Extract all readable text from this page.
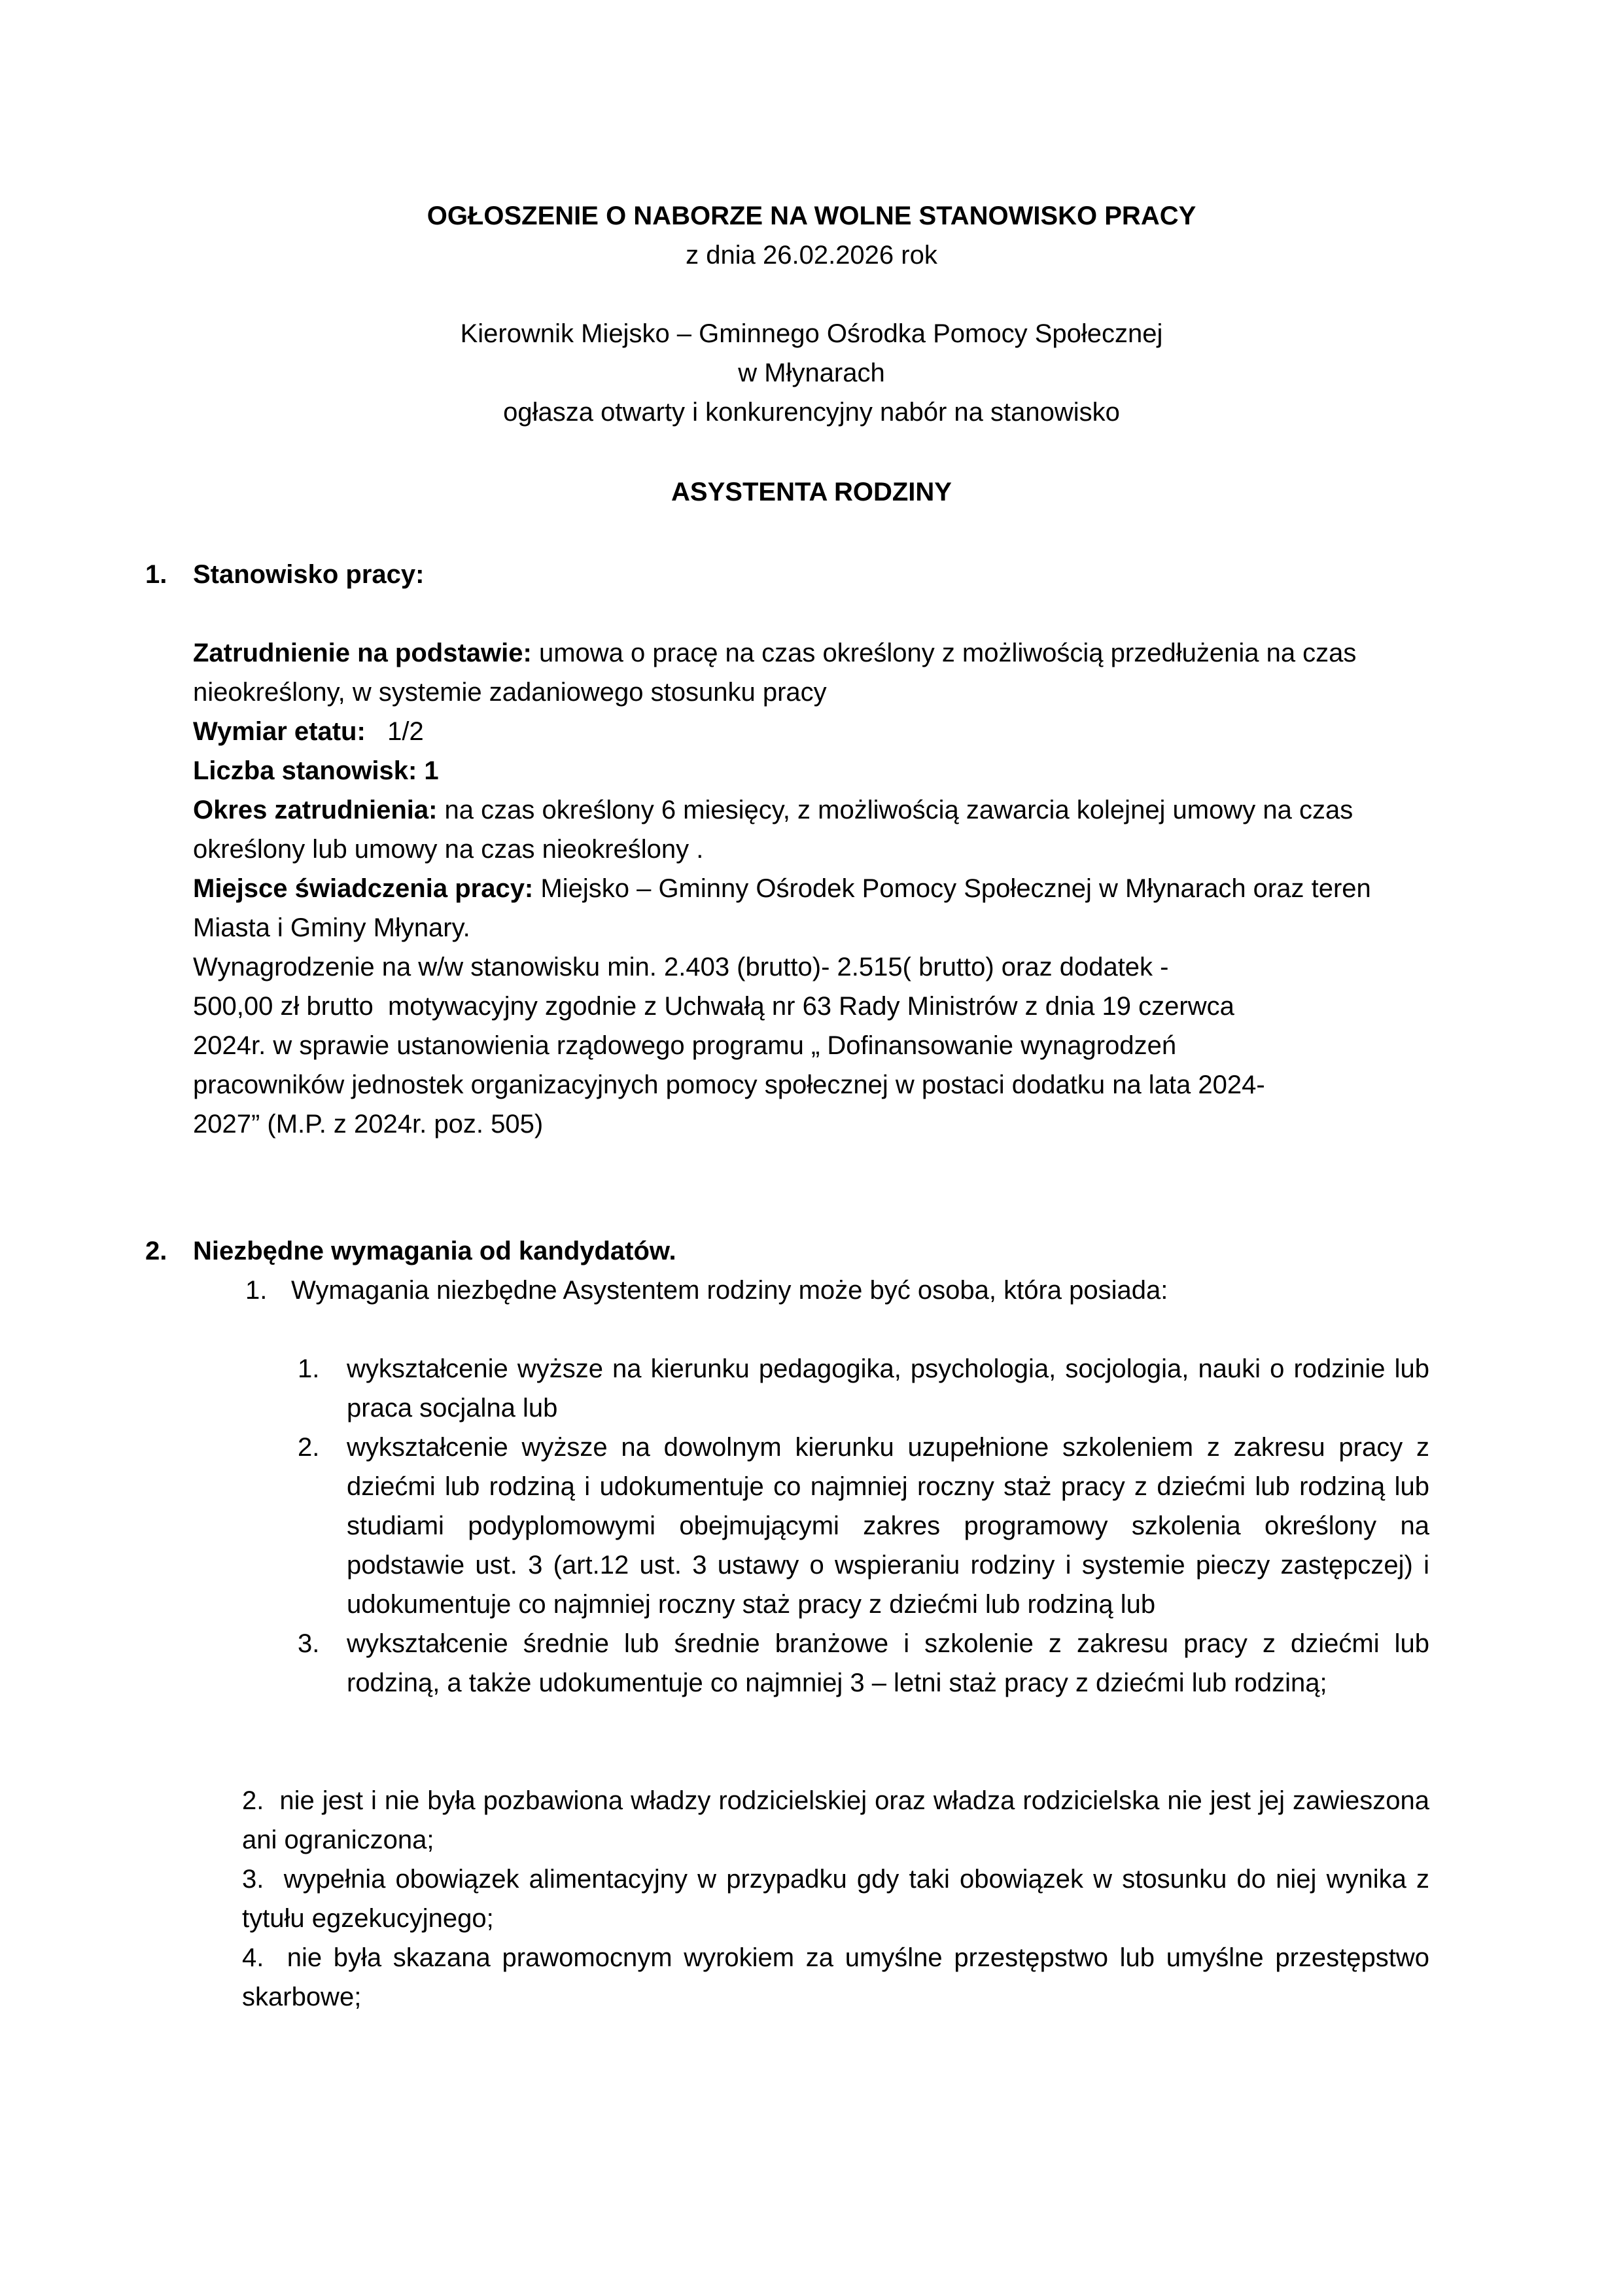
OGŁOSZENIE O NABORZE NA WOLNE STANOWISKO PRACY
z dnia 26.02.2026 rok
Kierownik Miejsko – Gminnego Ośrodka Pomocy Społecznej
w Młynarach
ogłasza otwarty i konkurencyjny nabór na stanowisko
ASYSTENTA RODZINY
1. Stanowisko pracy:

Zatrudnienie na podstawie: umowa o pracę na czas określony z możliwością przedłużenia na czas nieokreślony, w systemie zadaniowego stosunku pracy

Wymiar etatu:   1/2

Liczba stanowisk: 1

Okres zatrudnienia: na czas określony 6 miesięcy, z możliwością zawarcia kolejnej umowy na czas określony lub umowy na czas nieokreślony .

Miejsce świadczenia pracy: Miejsko – Gminny Ośrodek Pomocy Społecznej w Młynarach oraz teren Miasta i Gminy Młynary.

Wynagrodzenie na w/w stanowisku min. 2.403 (brutto)- 2.515( brutto) oraz dodatek -
500,00 zł brutto  motywacyjny zgodnie z Uchwałą nr 63 Rady Ministrów z dnia 19 czerwca
2024r. w sprawie ustanowienia rządowego programu „ Dofinansowanie wynagrodzeń
pracowników jednostek organizacyjnych pomocy społecznej w postaci dodatku na lata 2024-
2027” (M.P. z 2024r. poz. 505)
2. Niezbędne wymagania od kandydatów.
1. Wymagania niezbędne Asystentem rodziny może być osoba, która posiada:
1. wykształcenie wyższe na kierunku pedagogika, psychologia, socjologia, nauki o rodzinie lub praca socjalna lub

2. wykształcenie wyższe na dowolnym kierunku uzupełnione szkoleniem z zakresu pracy z dziećmi lub rodziną i udokumentuje co najmniej roczny staż pracy z dziećmi lub rodziną lub studiami podyplomowymi obejmującymi zakres programowy szkolenia określony na podstawie ust. 3 (art.12 ust. 3 ustawy o wspieraniu rodziny i systemie pieczy zastępczej) i udokumentuje co najmniej roczny staż pracy z dziećmi lub rodziną lub

3. wykształcenie średnie lub średnie branżowe i szkolenie z zakresu pracy z dziećmi lub rodziną, a także udokumentuje co najmniej 3 – letni staż pracy z dziećmi lub rodziną;

2. nie jest i nie była pozbawiona władzy rodzicielskiej oraz władza rodzicielska nie jest jej zawieszona ani ograniczona;

3. wypełnia obowiązek alimentacyjny w przypadku gdy taki obowiązek w stosunku do niej wynika z tytułu egzekucyjnego;

4. nie była skazana prawomocnym wyrokiem za umyślne przestępstwo lub umyślne przestępstwo skarbowe;
